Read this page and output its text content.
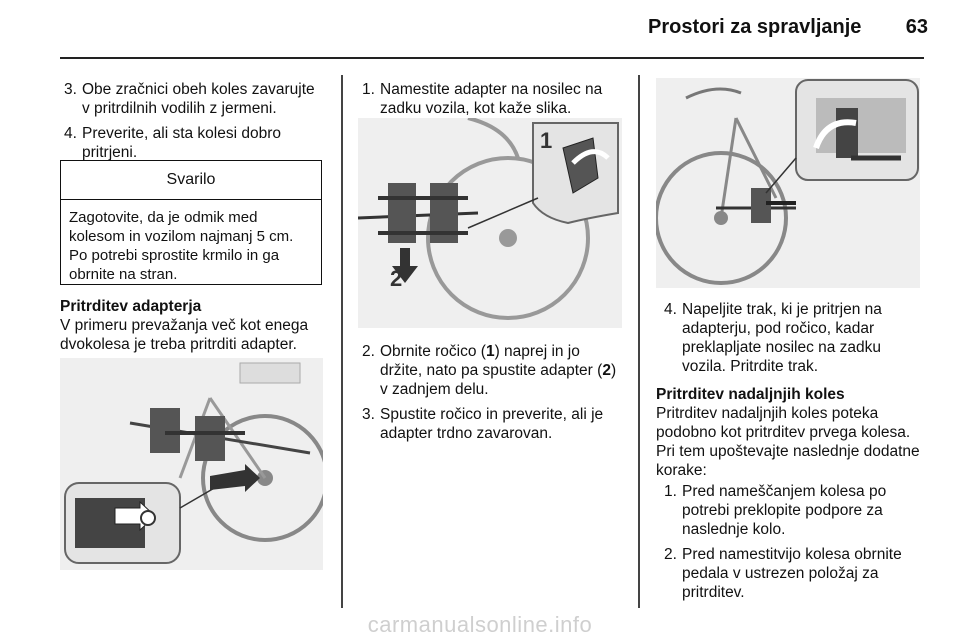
Prostori za spravljanje	63

3. Obe zračnici obeh koles zavarujte v pritrdilnih vodilih z jermeni.

4. Preverite, ali sta kolesi dobro pritrjeni.

Svarilo
Zagotovite, da je odmik med kolesom in vozilom najmanj 5 cm. Po potrebi sprostite krmilo in ga obrnite na stran.
Pritrditev adapterja
V primeru prevažanja več kot enega dvokolesa je treba pritrditi adapter.

1. Namestite adapter na nosilec na zadku vozila, kot kaže slika.

2
1

2. Obrnite ročico (1) naprej in jo držite, nato pa spustite adapter (2) v zadnjem delu.

3. Spustite ročico in preverite, ali je adapter trdno zavarovan.

4. Napeljite trak, ki je pritrjen na adapterju, pod ročico, kadar preklapljate nosilec na zadku vozila. Pritrdite trak.

Pritrditev nadaljnjih koles
Pritrditev nadaljnjih koles poteka podobno kot pritrditev prvega kolesa. Pri tem upoštevajte naslednje dodatne korake:

1. Pred nameščanjem kolesa po potrebi preklopite podpore za naslednje kolo.

2. Pred namestitvijo kolesa obrnite pedala v ustrezen položaj za pritrditev.

carmanualsonline.info
